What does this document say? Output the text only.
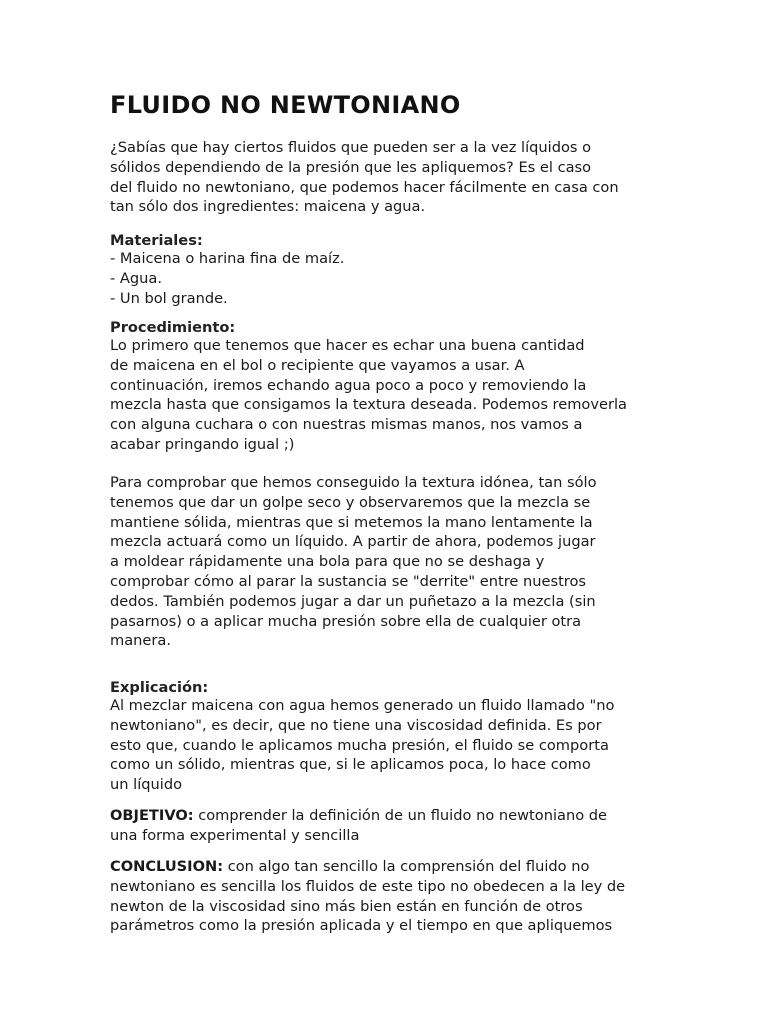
FLUIDO NO NEWTONIANO
¿Sabías que hay ciertos fluidos que pueden ser a la vez líquidos o
sólidos dependiendo de la presión que les apliquemos? Es el caso
del fluido no newtoniano, que podemos hacer fácilmente en casa con
tan sólo dos ingredientes: maicena y agua.
Materiales:
- Maicena o harina fina de maíz.
- Agua.
- Un bol grande.
Procedimiento:
Lo primero que tenemos que hacer es echar una buena cantidad
de maicena en el bol o recipiente que vayamos a usar. A
continuación, iremos echando agua poco a poco y removiendo la
mezcla hasta que consigamos la textura deseada. Podemos removerla
con alguna cuchara o con nuestras mismas manos, nos vamos a
acabar pringando igual ;)
Para comprobar que hemos conseguido la textura idónea, tan sólo
tenemos que dar un golpe seco y observaremos que la mezcla se
mantiene sólida, mientras que si metemos la mano lentamente la
mezcla actuará como un líquido. A partir de ahora, podemos jugar
a moldear rápidamente una bola para que no se deshaga y
comprobar cómo al parar la sustancia se "derrite" entre nuestros
dedos. También podemos jugar a dar un puñetazo a la mezcla (sin
pasarnos) o a aplicar mucha presión sobre ella de cualquier otra
manera.
Explicación:
Al mezclar maicena con agua hemos generado un fluido llamado "no
newtoniano", es decir, que no tiene una viscosidad definida. Es por
esto que, cuando le aplicamos mucha presión, el fluido se comporta
como un sólido, mientras que, si le aplicamos poca, lo hace como
un líquido
OBJETIVO: comprender la definición de un fluido no newtoniano de
una forma experimental y sencilla
CONCLUSION: con algo tan sencillo la comprensión del fluido no
newtoniano es sencilla los fluidos de este tipo no obedecen a la ley de
newton de la viscosidad sino más bien están en función de otros
parámetros como la presión aplicada y el tiempo en que apliquemos
